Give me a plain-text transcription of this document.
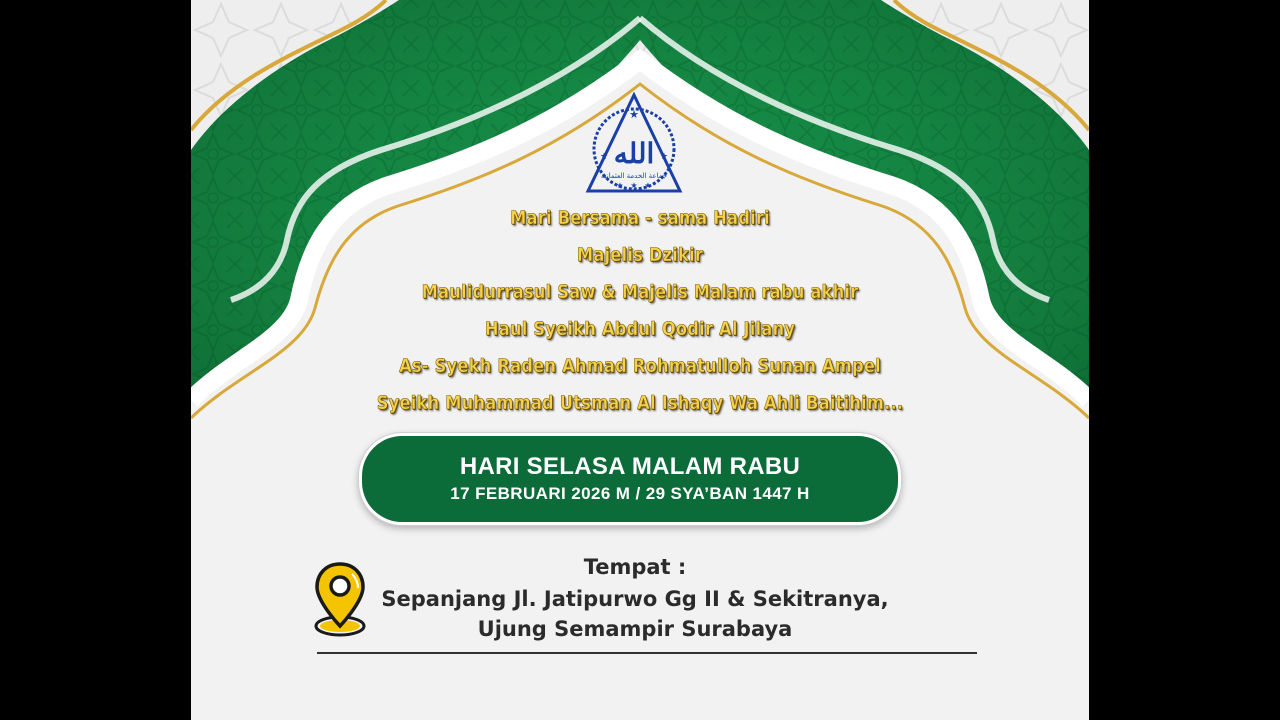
الله
★
★	★
★ ★ ★
جماعة الخدمة العثمانية
Mari Bersama - sama Hadiri
Majelis Dzikir
Maulidurrasul Saw & Majelis Malam rabu akhir
Haul Syeikh Abdul Qodir Al Jilany
As- Syekh Raden Ahmad Rohmatulloh Sunan Ampel
Syeikh Muhammad Utsman Al Ishaqy Wa Ahli Baitihim...
HARI SELASA MALAM RABU
17 FEBRUARI 2026 M / 29 SYA’BAN 1447 H
Tempat :
Sepanjang Jl. Jatipurwo Gg II & Sekitranya,
Ujung Semampir Surabaya
